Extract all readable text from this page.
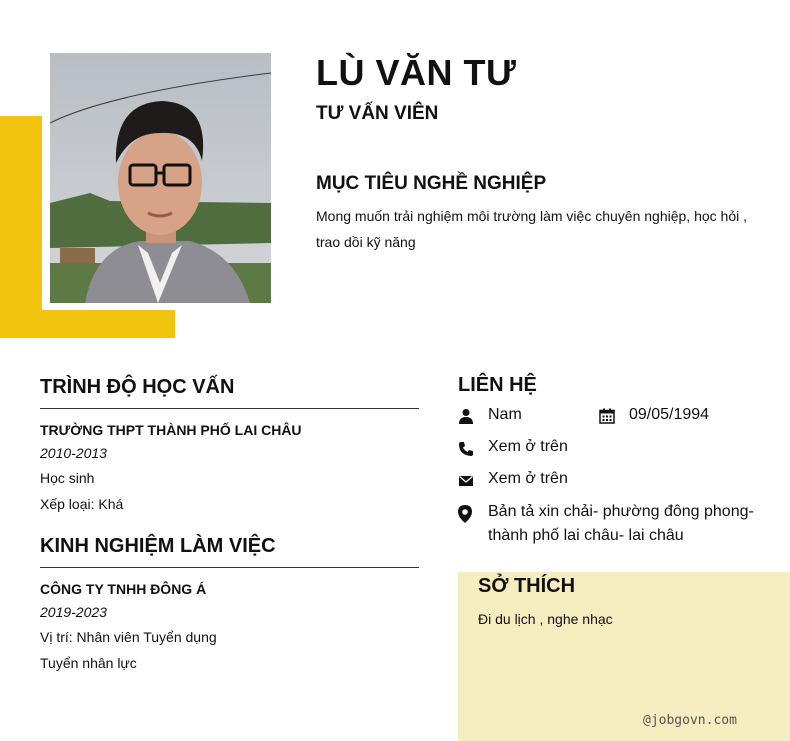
LÙ VĂN TƯ
TƯ VẤN VIÊN
MỤC TIÊU NGHỀ NGHIỆP
Mong muốn trải nghiệm môi trường làm việc chuyên nghiệp, học hỏi , trao dồi kỹ năng
TRÌNH ĐỘ HỌC VẤN
TRƯỜNG THPT THÀNH PHỐ LAI CHÂU
2010-2013
Học sinh
Xếp loại: Khá
KINH NGHIỆM LÀM VIỆC
CÔNG TY TNHH ĐÔNG Á
2019-2023
Vị trí: Nhân viên Tuyển dụng
Tuyển nhân lực
LIÊN HỆ
Nam	09/05/1994
Xem ở trên
Xem ở trên
Bản tả xin chải- phường đông phong- thành phố lai châu- lai châu
SỞ THÍCH
Đi du lịch , nghe nhạc
@jobgovn.com
